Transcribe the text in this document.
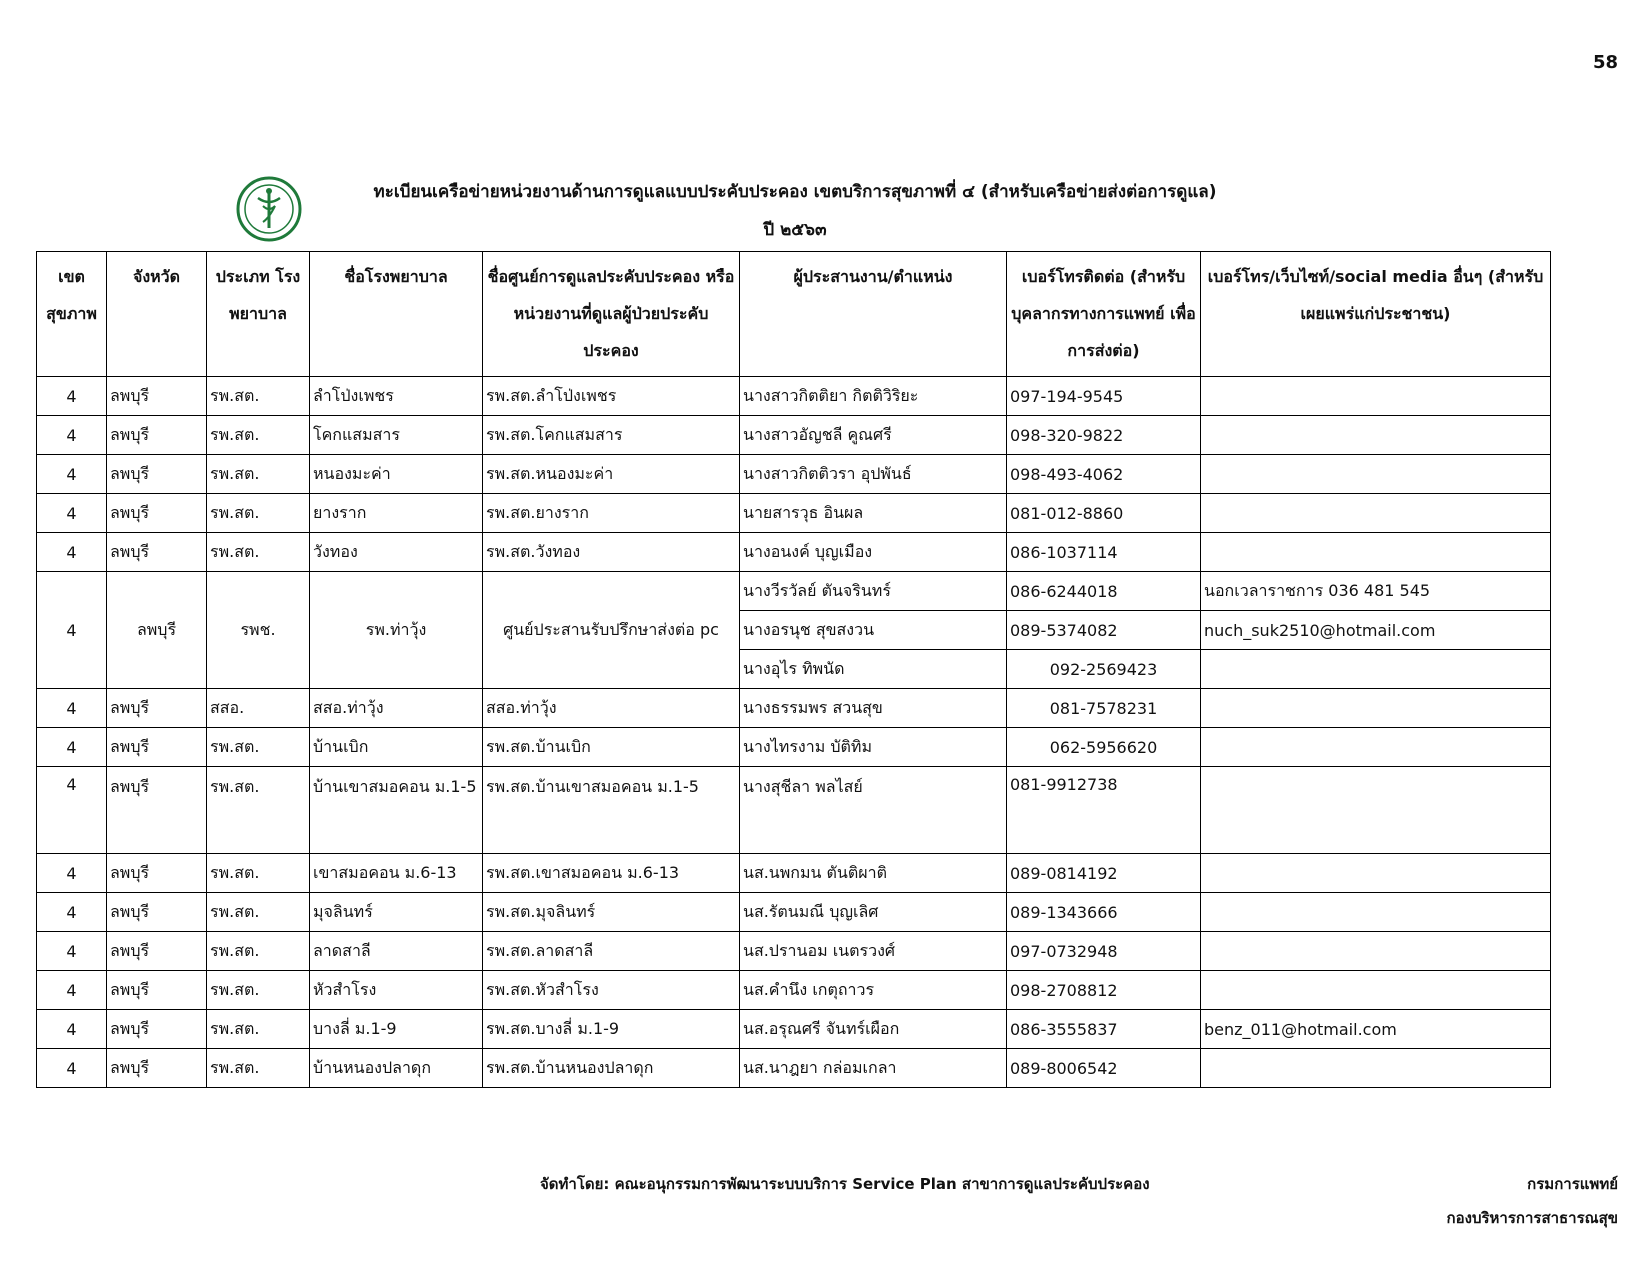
58
ทะเบียนเครือข่ายหน่วยงานด้านการดูแลแบบประคับประคอง เขตบริการสุขภาพที่ ๔ (สำหรับเครือข่ายส่งต่อการดูแล)
ปี ๒๕๖๓
เขต สุขภาพ	จังหวัด	ประเภท โรงพยาบาล	ชื่อโรงพยาบาล	ชื่อศูนย์การดูแลประคับประคอง หรือ หน่วยงานที่ดูแลผู้ป่วยประคับประคอง	ผู้ประสานงาน/ตำแหน่ง	เบอร์โทรติดต่อ (สำหรับบุคลากรทางการแพทย์ เพื่อการส่งต่อ)	เบอร์โทร/เว็บไซท์/social media อื่นๆ (สำหรับเผยแพร่แก่ประชาชน)
4	ลพบุรี	รพ.สต.	ลำโป่งเพชร	รพ.สต.ลำโป่งเพชร	นางสาวกิตติยา กิตติวิริยะ	097-194-9545	
4	ลพบุรี	รพ.สต.	โคกแสมสาร	รพ.สต.โคกแสมสาร	นางสาวอัญชลี คูณศรี	098-320-9822	
4	ลพบุรี	รพ.สต.	หนองมะค่า	รพ.สต.หนองมะค่า	นางสาวกิตติวรา อุปพันธ์	098-493-4062	
4	ลพบุรี	รพ.สต.	ยางราก	รพ.สต.ยางราก	นายสารวุธ อินผล	081-012-8860	
4	ลพบุรี	รพ.สต.	วังทอง	รพ.สต.วังทอง	นางอนงค์ บุญเมือง	086-1037114	
4	ลพบุรี	รพช.	รพ.ท่าวุ้ง	ศูนย์ประสานรับปรึกษาส่งต่อ pc	นางวีรวัลย์ ตันจรินทร์	086-6244018	นอกเวลาราชการ 036 481 545
					นางอรนุช สุขสงวน	089-5374082	nuch_suk2510@hotmail.com
					นางอุไร ทิพนัด	092-2569423	
4	ลพบุรี	สสอ.	สสอ.ท่าวุ้ง	สสอ.ท่าวุ้ง	นางธรรมพร สวนสุข	081-7578231	
4	ลพบุรี	รพ.สต.	บ้านเบิก	รพ.สต.บ้านเบิก	นางไทรงาม บัติทิม	062-5956620	
4	ลพบุรี	รพ.สต.	บ้านเขาสมอคอน ม.1-5	รพ.สต.บ้านเขาสมอคอน ม.1-5	นางสุชีลา พลไสย์	081-9912738	
4	ลพบุรี	รพ.สต.	เขาสมอคอน ม.6-13	รพ.สต.เขาสมอคอน ม.6-13	นส.นพกมน ตันติผาติ	089-0814192	
4	ลพบุรี	รพ.สต.	มุจลินทร์	รพ.สต.มุจลินทร์	นส.รัตนมณี บุญเลิศ	089-1343666	
4	ลพบุรี	รพ.สต.	ลาดสาลี	รพ.สต.ลาดสาลี	นส.ปรานอม เนตรวงศ์	097-0732948	
4	ลพบุรี	รพ.สต.	หัวสำโรง	รพ.สต.หัวสำโรง	นส.คำนึง เกตุถาวร	098-2708812	
4	ลพบุรี	รพ.สต.	บางลี่ ม.1-9	รพ.สต.บางลี่ ม.1-9	นส.อรุณศรี จันทร์เผือก	086-3555837	benz_011@hotmail.com
4	ลพบุรี	รพ.สต.	บ้านหนองปลาดุก	รพ.สต.บ้านหนองปลาดุก	นส.นาฎยา กล่อมเกลา	089-8006542	
จัดทำโดย: คณะอนุกรรมการพัฒนาระบบบริการ Service Plan สาขาการดูแลประคับประคอง	กรมการแพทย์
กองบริหารการสาธารณสุข
